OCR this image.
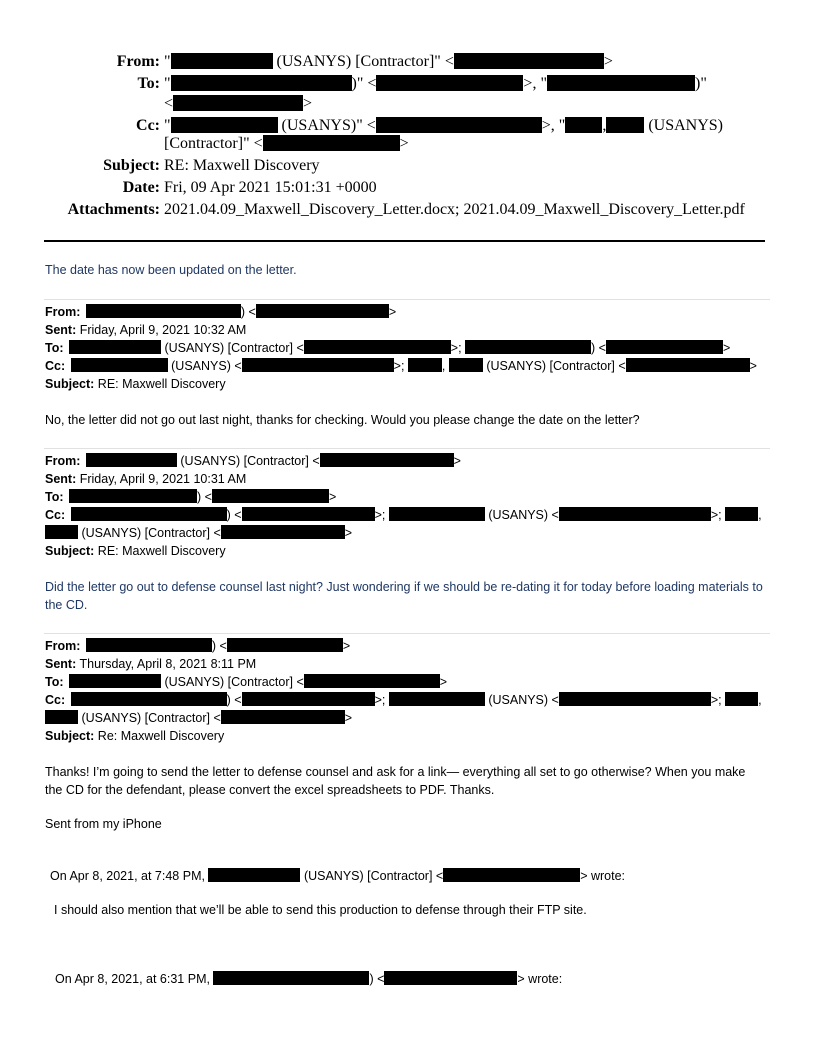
From: "	(USANYS) [Contractor]" <	>
To: "	)" <	>, "	)"
<	>
Cc: "	(USANYS)" <	>, " , (USANYS)
[Contractor]" <	>
Subject: RE: Maxwell Discovery
Date: Fri, 09 Apr 2021 15:01:31 +0000
Attachments: 2021.04.09_Maxwell_Discovery_Letter.docx; 2021.04.09_Maxwell_Discovery_Letter.pdf
The date has now been updated on the letter.
From:	) <	>
Sent: Friday, April 9, 2021 10:32 AM
To:	(USANYS) [Contractor] <	>;	) <	>
Cc:	(USANYS) <	>;	,	(USANYS) [Contractor] <	>
Subject: RE: Maxwell Discovery
No, the letter did not go out last night, thanks for checking. Would you please change the date on the letter?
From:	(USANYS) [Contractor] <	>
Sent: Friday, April 9, 2021 10:31 AM
To:	) <	>
Cc:	) <	>;	(USANYS) <	>;	,
(USANYS) [Contractor] <	>
Subject: RE: Maxwell Discovery
Did the letter go out to defense counsel last night? Just wondering if we should be re-dating it for today before loading materials to the CD.
From:	) <	>
Sent: Thursday, April 8, 2021 8:11 PM
To:	(USANYS) [Contractor] <	>
Cc:	) <	>;	(USANYS) <	>;	,
(USANYS) [Contractor] <	>
Subject: Re: Maxwell Discovery
Thanks! I’m going to send the letter to defense counsel and ask for a link— everything all set to go otherwise? When you make the CD for the defendant, please convert the excel spreadsheets to PDF. Thanks.
Sent from my iPhone
On Apr 8, 2021, at 7:48 PM,	(USANYS) [Contractor] <	> wrote:
I should also mention that we’ll be able to send this production to defense through their FTP site.
On Apr 8, 2021, at 6:31 PM,	) <	> wrote:
